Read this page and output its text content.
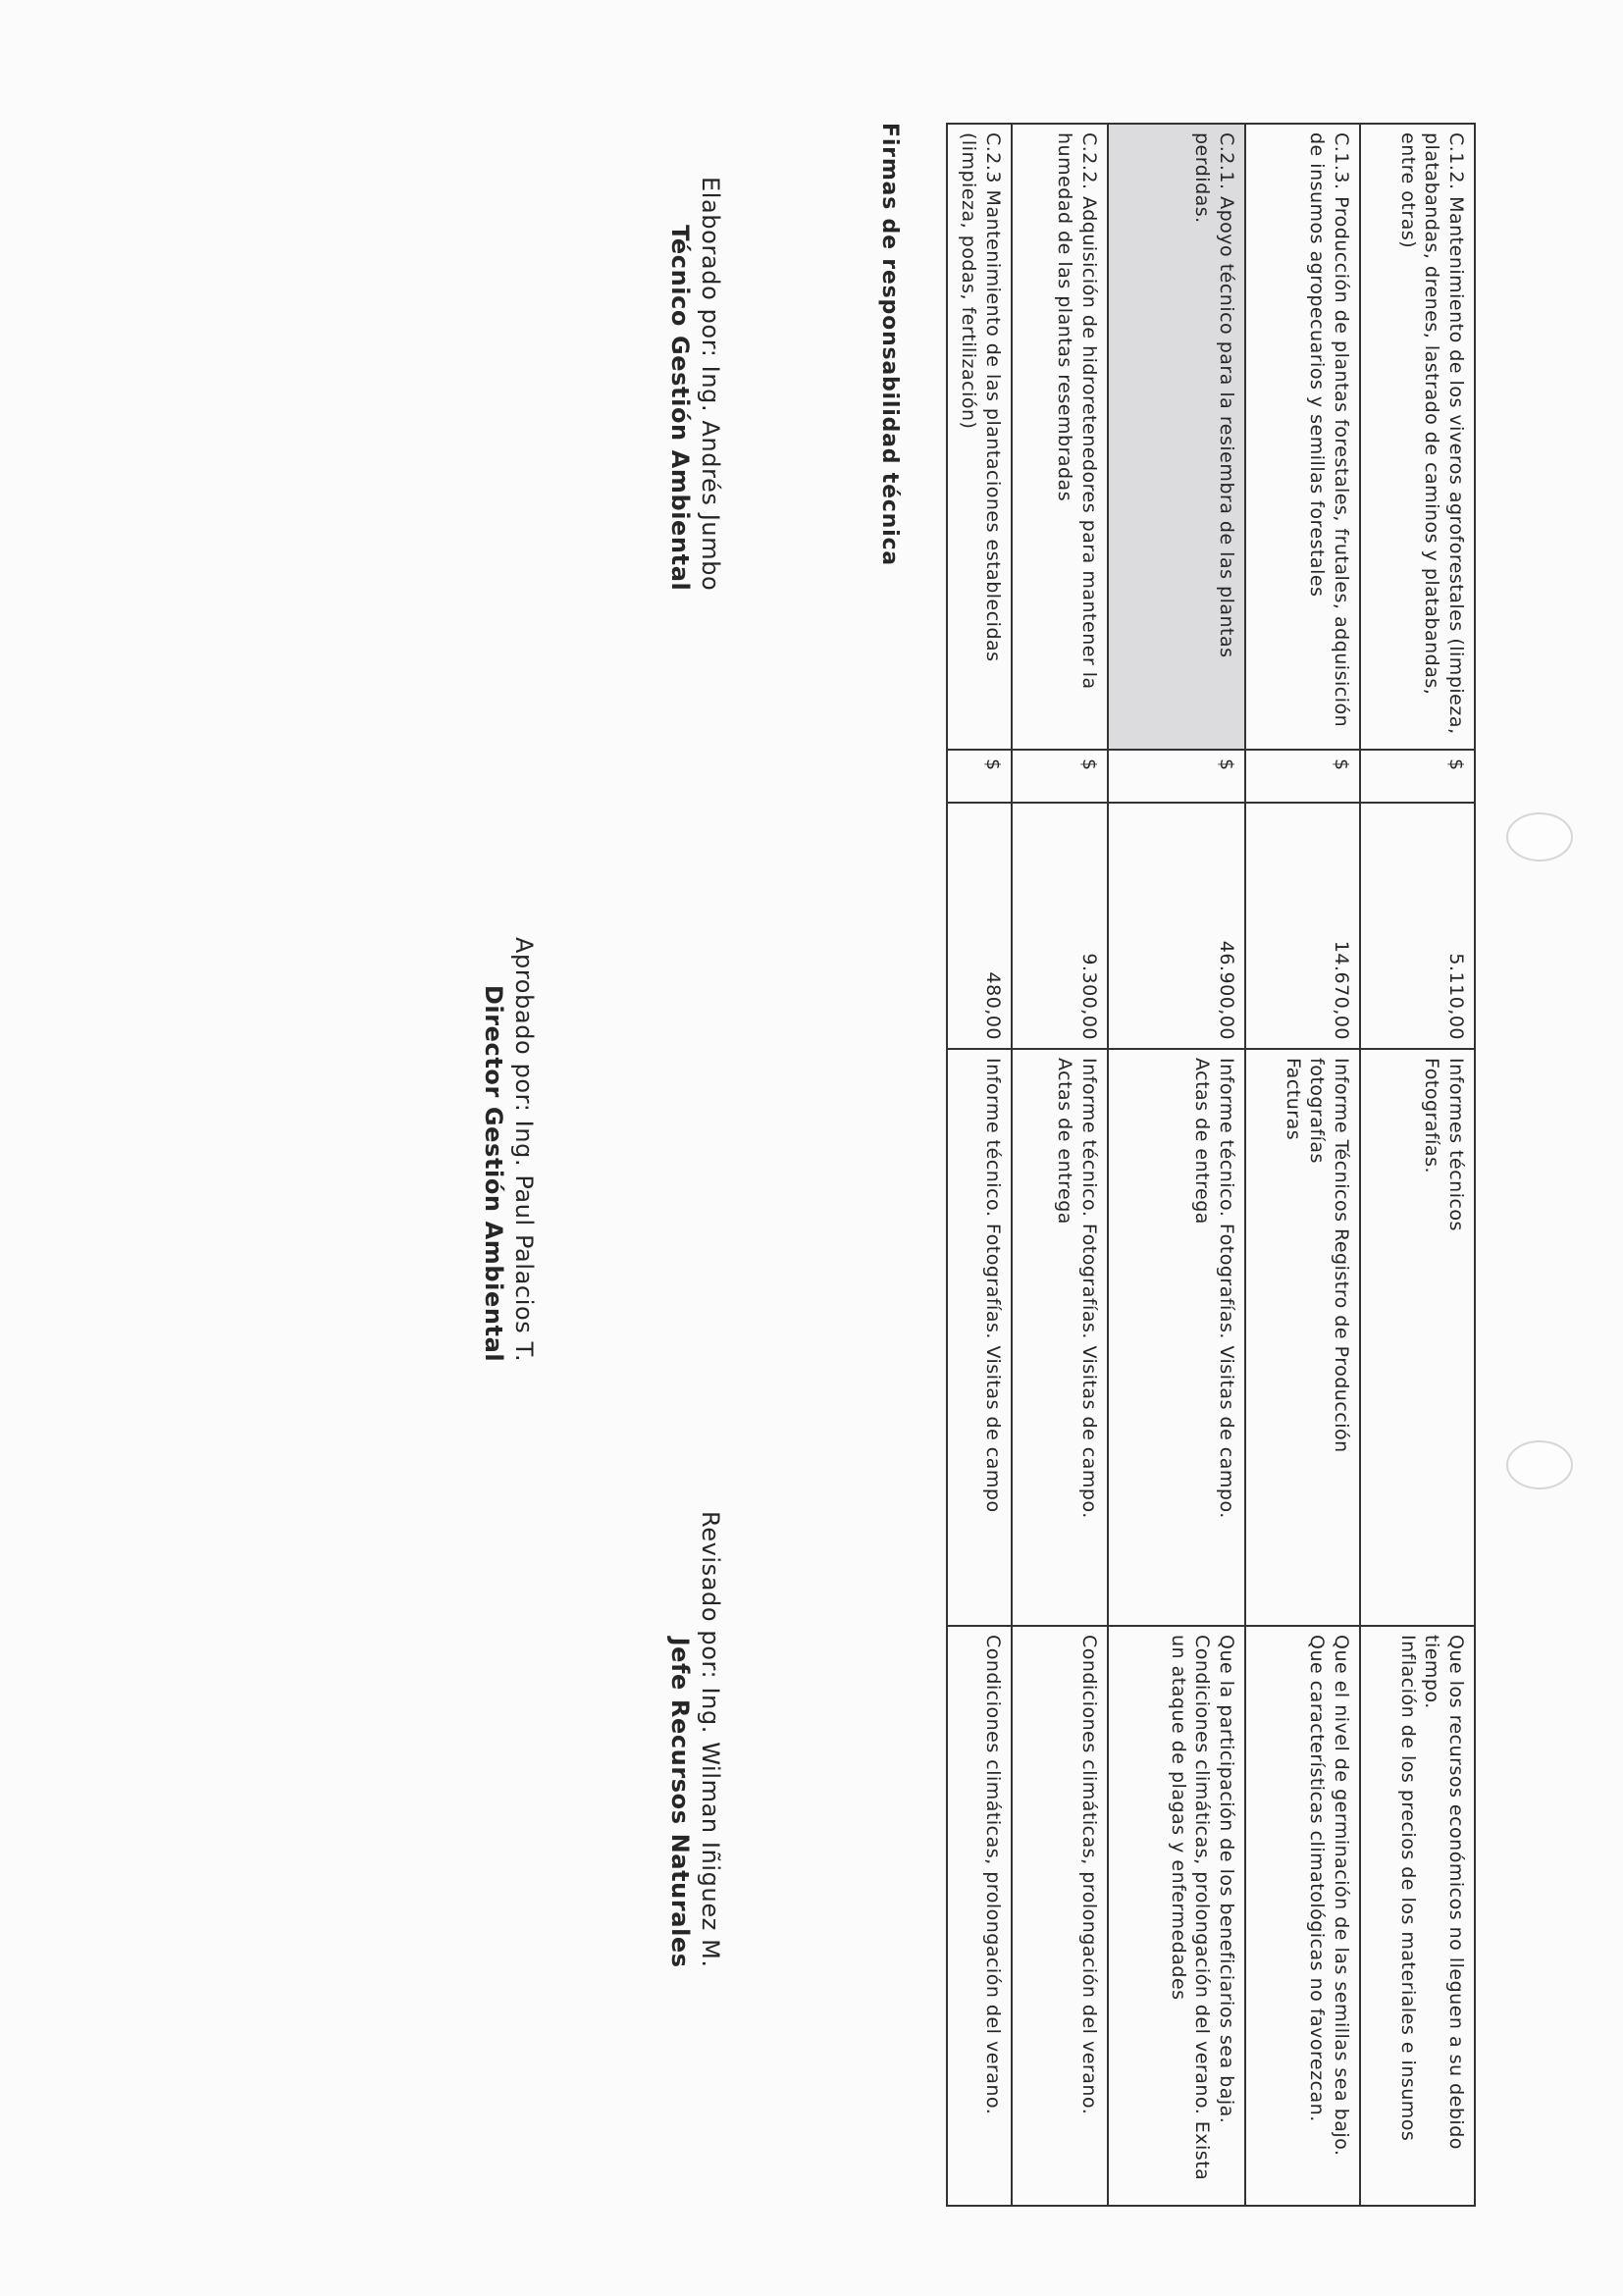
C.1.2. Mantenimiento de los viveros agroforestales (limpieza, platabandas, drenes, lastrado de caminos y platabandas, entre otras)	$	5.110,00	Informes técnicos
Fotografías.	Que los recursos económicos no lleguen a su debido tiempo.
Inflación de los precios de los materiales e insumos

C.1.3. Producción de plantas forestales, frutales, adquisición de insumos agropecuarios y semillas forestales	$	14.670,00	Informe Técnicos Registro de Producción
fotografías
Facturas	Que el nivel de germinación de las semillas sea bajo.
Que características climatológicas no favorezcan.

C.2.1. Apoyo técnico para la resiembra de las plantas perdidas.	$	46.900,00	Informe técnico. Fotografías. Visitas de campo.
Actas de entrega	Que la participación de los beneficiarios sea baja. Condiciones climáticas, prolongación del verano. Exista un ataque de plagas y enfermedades

C.2.2. Adquisición de hidroretenedores para mantener la humedad de las plantas resembradas	$	9.300,00	Informe técnico. Fotografías. Visitas de campo.
Actas de entrega	Condiciones climáticas, prolongación del verano.

C.2.3 Mantenimiento de las plantaciones establecidas (limpieza, podas, fertilización)	$	480,00	Informe técnico. Fotografías. Visitas de campo	Condiciones climáticas, prolongación del verano.
Firmas de responsabilidad técnica
Elaborado por: Ing. Andrés Jumbo
Técnico Gestión Ambiental
Revisado por: Ing. Wilman Iñiguez M.
Jefe Recursos Naturales
Aprobado por: Ing. Paul Palacios T.
Director Gestión Ambiental
